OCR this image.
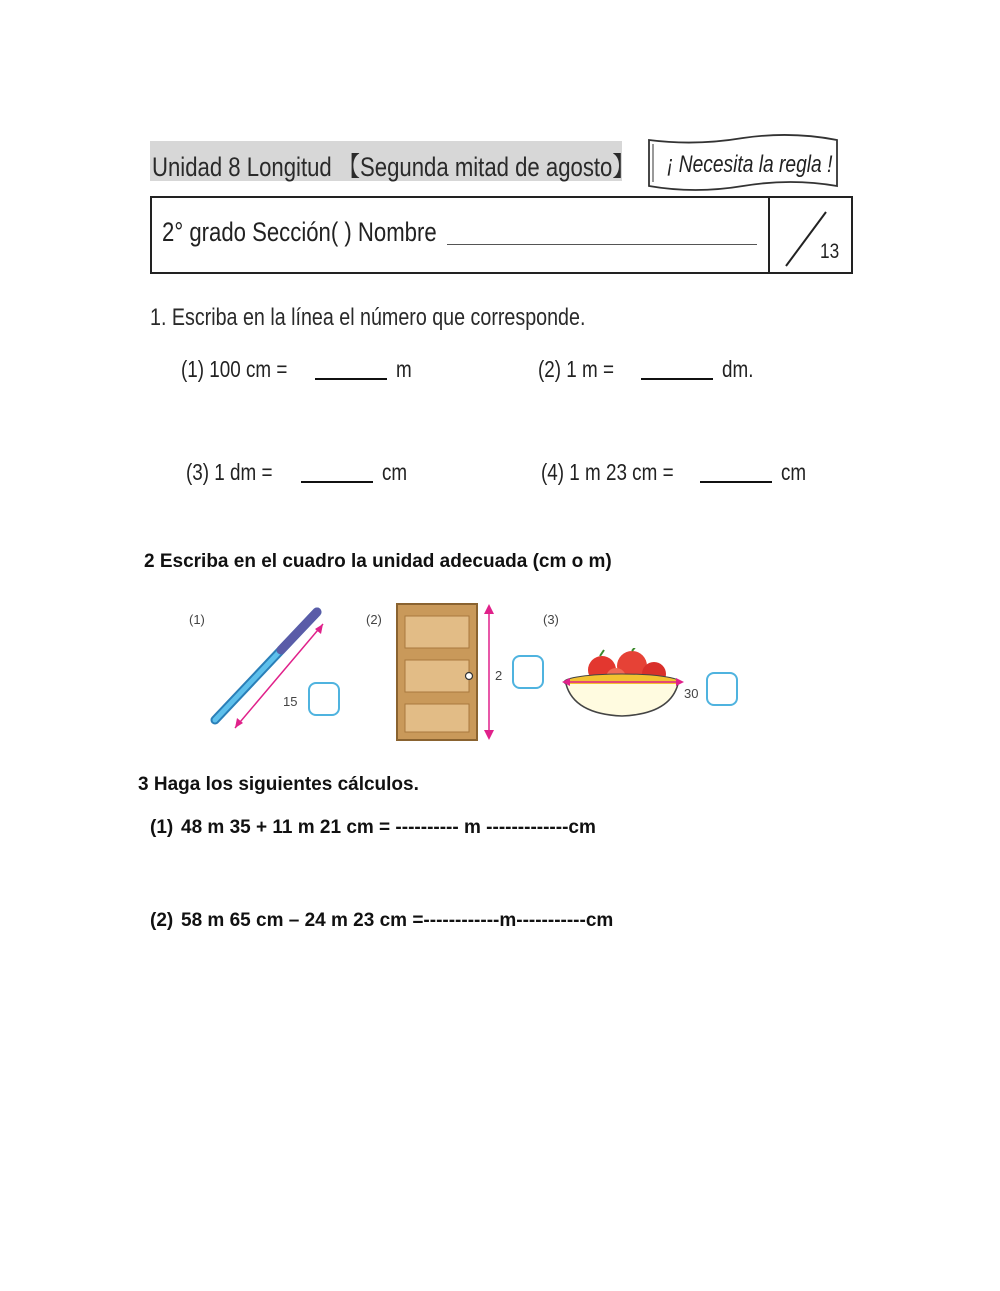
Unidad 8 Longitud 【Segunda mitad de agosto】 ¡ Necesita la regla !
2° grado Sección( ) Nombre
13
1. Escriba en la línea el número que corresponde.
(1) 100 cm =	m	(2) 1 m =	dm.
(3) 1 dm =	cm	(4) 1 m 23 cm =	cm
2 Escriba en el cuadro la unidad adecuada (cm o m)
(1)
15
(2)
2
(3)
30
3 Haga los siguientes cálculos.
(1) 48 m 35 + 11 m 21 cm = ---------- m -------------cm
(2) 58 m 65 cm – 24 m 23 cm =------------m-----------cm
